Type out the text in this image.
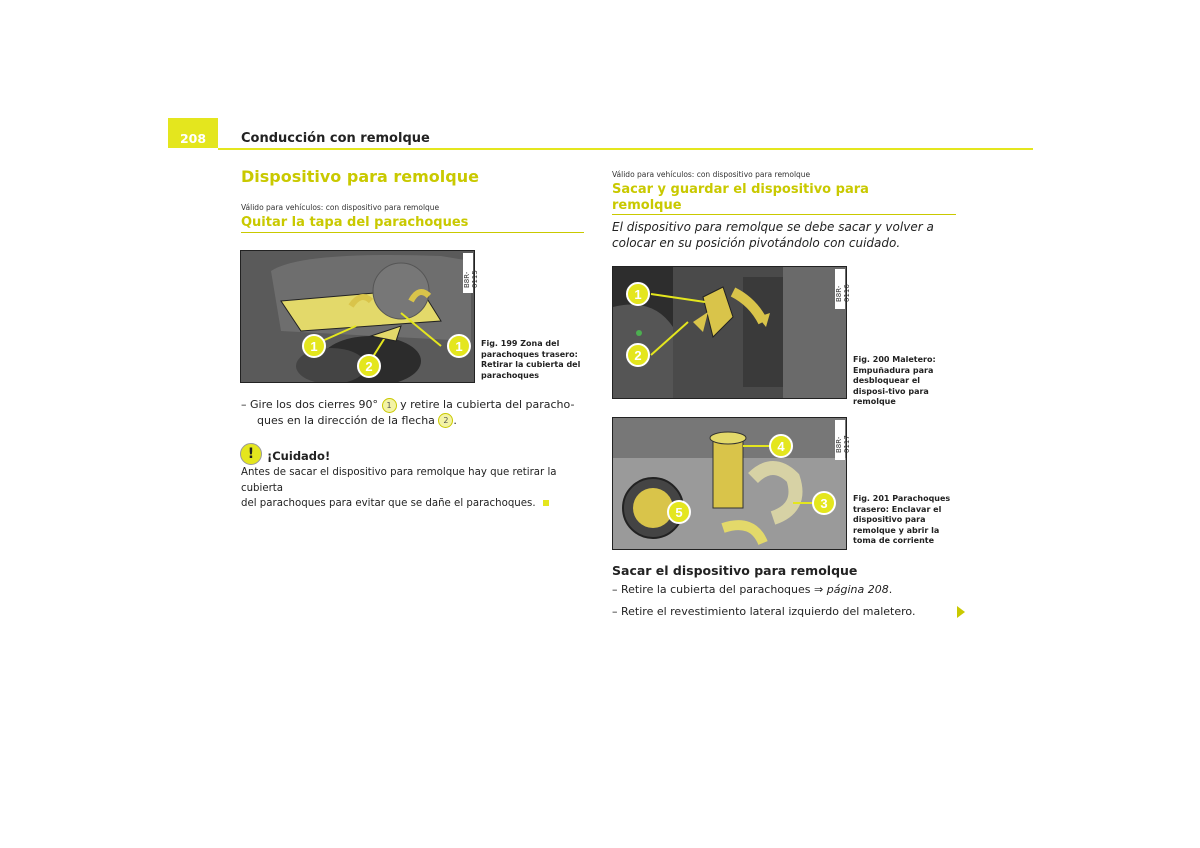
208	Conducción con remolque
Dispositivo para remolque
Válido para vehículos: con dispositivo para remolque
Quitar la tapa del parachoques
1	1
2
B8R-0115
Fig. 199 Zona del parachoques trasero: Retirar la cubierta del parachoques
– Gire los dos cierres 90° 1 y retire la cubierta del paracho-
ques en la dirección de la flecha 2 .
!	¡Cuidado!
Antes de sacar el dispositivo para remolque hay que retirar la cubierta
del parachoques para evitar que se dañe el parachoques.
Válido para vehículos: con dispositivo para remolque
Sacar y guardar el dispositivo para
remolque
El dispositivo para remolque se debe sacar y volver a
colocar en su posición pivotándolo con cuidado.
1
2
B8R-0116
Fig. 200 Maletero: Empuñadura para desbloquear el disposi-tivo para remolque
4
3
5
B8R-0117
Fig. 201 Parachoques trasero: Enclavar el dispositivo para remolque y abrir la toma de corriente
Sacar el dispositivo para remolque
– Retire la cubierta del parachoques ⇒ página 208.
– Retire el revestimiento lateral izquierdo del maletero.
